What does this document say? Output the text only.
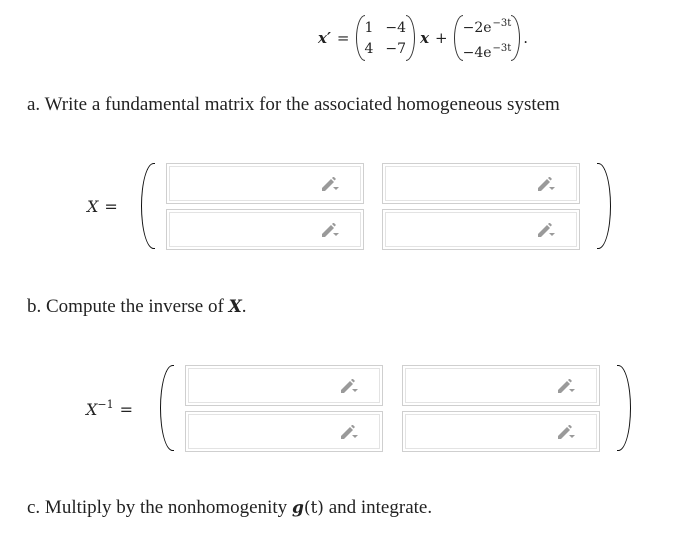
x′ =
1 −4
4 −7
x +
$-2e^{-3t}$
$-4e^{-3t}$
.
a. Write a fundamental matrix for the associated homogeneous system
X =
b. Compute the inverse of X.
$X^{-1}$ =
c. Multiply by the nonhomogenity g(t) and integrate.
